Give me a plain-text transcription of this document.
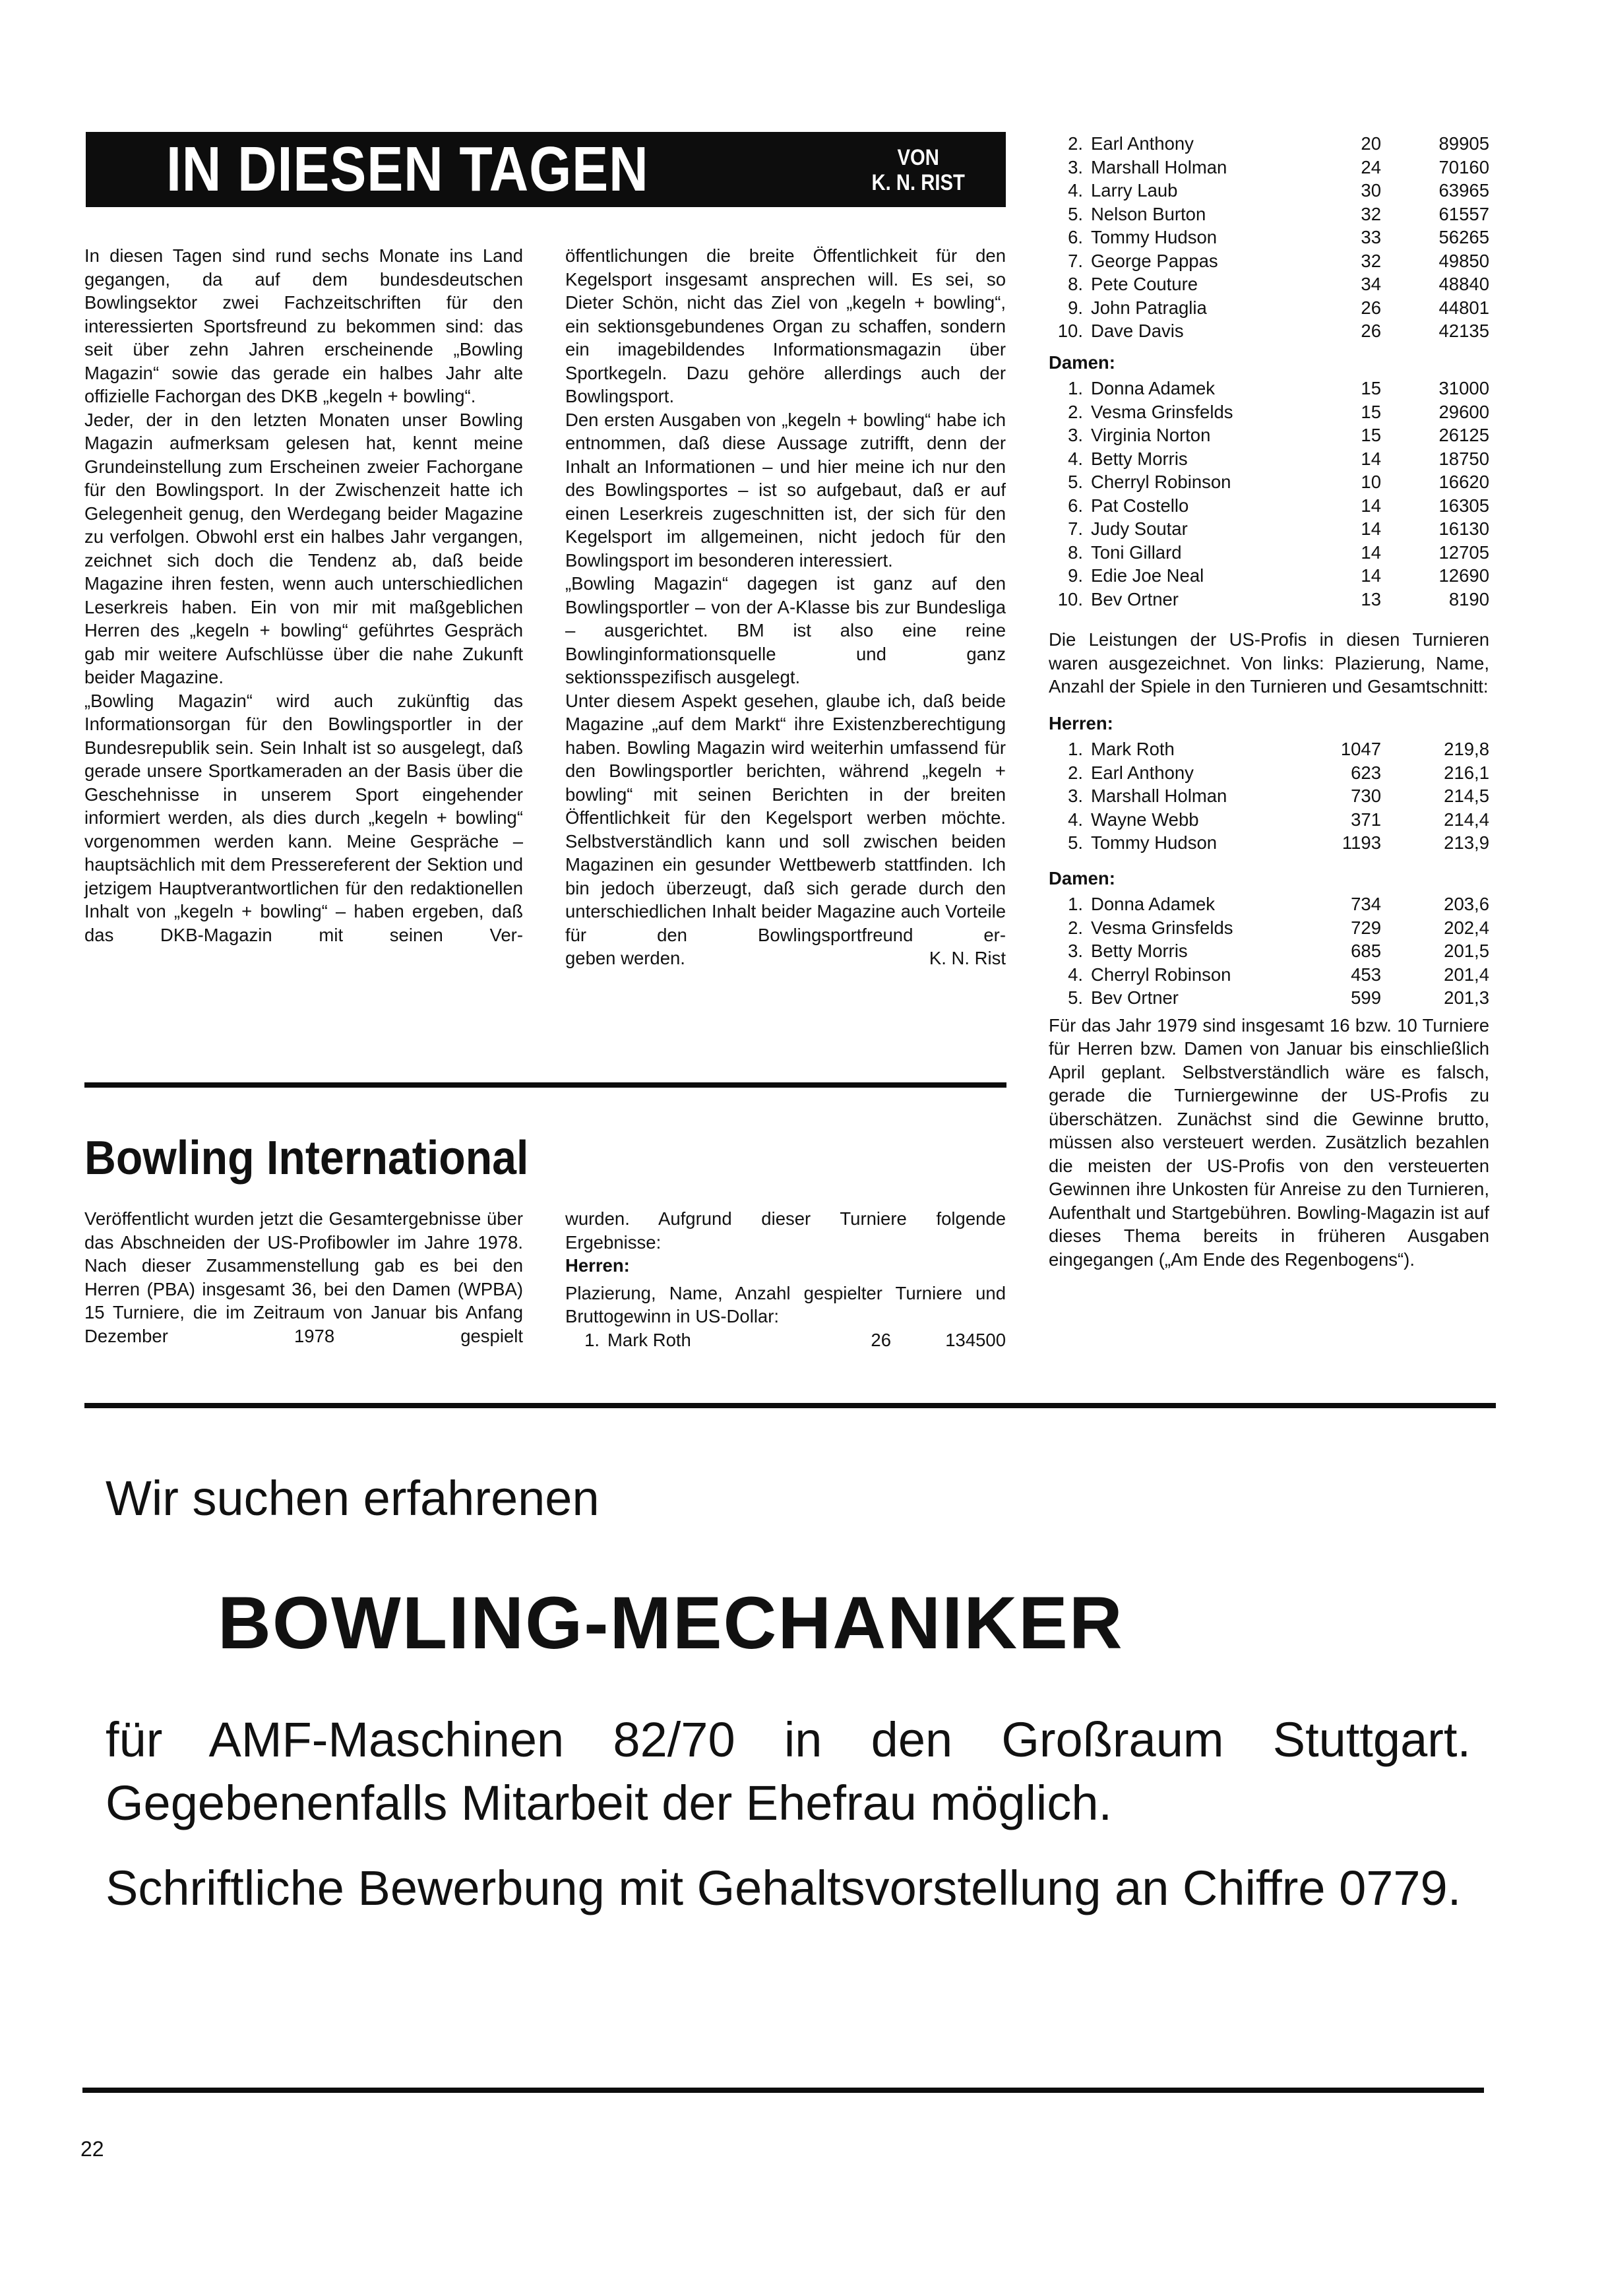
IN DIESEN TAGEN	VON
K. N. RIST

In diesen Tagen sind rund sechs Monate ins Land gegangen, da auf dem bundesdeutschen Bowlingsektor zwei Fachzeitschriften für den interessierten Sportsfreund zu bekommen sind: das seit über zehn Jahren erscheinende „Bowling Magazin“ sowie das gerade ein halbes Jahr alte offizielle Fachorgan des DKB „kegeln + bowling“.

Jeder, der in den letzten Monaten unser Bowling Magazin aufmerksam gelesen hat, kennt meine Grundeinstellung zum Erscheinen zweier Fachorgane für den Bowlingsport. In der Zwischenzeit hatte ich Gelegenheit genug, den Werdegang beider Magazine zu verfolgen. Obwohl erst ein halbes Jahr vergangen, zeichnet sich doch die Tendenz ab, daß beide Magazine ihren festen, wenn auch unterschiedlichen Leserkreis haben. Ein von mir mit maßgeblichen Herren des „kegeln + bowling“ geführtes Gespräch gab mir weitere Aufschlüsse über die nahe Zukunft beider Magazine.

„Bowling Magazin“ wird auch zukünftig das Informationsorgan für den Bowlingsportler in der Bundesrepublik sein. Sein Inhalt ist so ausgelegt, daß gerade unsere Sportkameraden an der Basis über die Geschehnisse in unserem Sport eingehender informiert werden, als dies durch „kegeln + bowling“ vorgenommen werden kann. Meine Gespräche – hauptsächlich mit dem Pressereferent der Sektion und jetzigem Hauptverantwortlichen für den redaktionellen Inhalt von „kegeln + bowling“ – haben ergeben, daß das DKB-Magazin mit seinen Ver-

öffentlichungen die breite Öffentlichkeit für den Kegelsport insgesamt ansprechen will. Es sei, so Dieter Schön, nicht das Ziel von „kegeln + bowling“, ein sektionsgebundenes Organ zu schaffen, sondern ein imagebildendes Informationsmagazin über Sportkegeln. Dazu gehöre allerdings auch der Bowlingsport.

Den ersten Ausgaben von „kegeln + bowling“ habe ich entnommen, daß diese Aussage zutrifft, denn der Inhalt an Informationen – und hier meine ich nur den des Bowlingsportes – ist so aufgebaut, daß er auf einen Leserkreis zugeschnitten ist, der sich für den Kegelsport im allgemeinen, nicht jedoch für den Bowlingsport im besonderen interessiert.

„Bowling Magazin“ dagegen ist ganz auf den Bowlingsportler – von der A-Klasse bis zur Bundesliga – ausgerichtet. BM ist also eine reine Bowlinginformationsquelle und ganz sektionsspezifisch ausgelegt.

Unter diesem Aspekt gesehen, glaube ich, daß beide Magazine „auf dem Markt“ ihre Existenzberechtigung haben. Bowling Magazin wird weiterhin umfassend für den Bowlingsportler berichten, während „kegeln + bowling“ mit seinen Berichten in der breiten Öffentlichkeit für den Kegelsport werben möchte. Selbstverständlich kann und soll zwischen beiden Magazinen ein gesunder Wettbewerb stattfinden. Ich bin jedoch überzeugt, daß sich gerade durch den unterschiedlichen Inhalt beider Magazine auch Vorteile für den Bowlingsportfreund er-

geben werden.	K. N. Rist
Bowling International

Veröffentlicht wurden jetzt die Gesamtergebnisse über das Abschneiden der US-Profibowler im Jahre 1978. Nach dieser Zusammenstellung gab es bei den Herren (PBA) insgesamt 36, bei den Damen (WPBA) 15 Turniere, die im Zeitraum von Januar bis Anfang Dezember 1978 gespielt

wurden. Aufgrund dieser Turniere folgende Ergebnisse:

Herren:

Plazierung, Name, Anzahl gespielter Turniere und Bruttogewinn in US-Dollar:

1.	Mark Roth	26	134500
2.	Earl Anthony	20	89905
3.	Marshall Holman	24	70160
4.	Larry Laub	30	63965
5.	Nelson Burton	32	61557
6.	Tommy Hudson	33	56265
7.	George Pappas	32	49850
8.	Pete Couture	34	48840
9.	John Patraglia	26	44801
10.	Dave Davis	26	42135

Damen:

1.	Donna Adamek	15	31000
2.	Vesma Grinsfelds	15	29600
3.	Virginia Norton	15	26125
4.	Betty Morris	14	18750
5.	Cherryl Robinson	10	16620
6.	Pat Costello	14	16305
7.	Judy Soutar	14	16130
8.	Toni Gillard	14	12705
9.	Edie Joe Neal	14	12690
10.	Bev Ortner	13	8190

Die Leistungen der US-Profis in diesen Turnieren waren ausgezeichnet. Von links: Plazierung, Name, Anzahl der Spiele in den Turnieren und Gesamtschnitt:

Herren:

1.	Mark Roth	1047	219,8
2.	Earl Anthony	623	216,1
3.	Marshall Holman	730	214,5
4.	Wayne Webb	371	214,4
5.	Tommy Hudson	1193	213,9

Damen:

1.	Donna Adamek	734	203,6
2.	Vesma Grinsfelds	729	202,4
3.	Betty Morris	685	201,5
4.	Cherryl Robinson	453	201,4
5.	Bev Ortner	599	201,3

Für das Jahr 1979 sind insgesamt 16 bzw. 10 Turniere für Herren bzw. Damen von Januar bis einschließlich April geplant. Selbstverständlich wäre es falsch, gerade die Turniergewinne der US-Profis zu überschätzen. Zunächst sind die Gewinne brutto, müssen also versteuert werden. Zusätzlich bezahlen die meisten der US-Profis von den versteuerten Gewinnen ihre Unkosten für Anreise zu den Turnieren, Aufenthalt und Startgebühren. Bowling-Magazin ist auf dieses Thema bereits in früheren Ausgaben eingegangen („Am Ende des Regenbogens“).

Wir suchen erfahrenen
BOWLING-MECHANIKER
für AMF-Maschinen 82/70 in den Großraum Stuttgart. Gegebenenfalls Mitarbeit der Ehefrau möglich.
Schriftliche Bewerbung mit Gehaltsvorstellung an Chiffre 0779.
22
